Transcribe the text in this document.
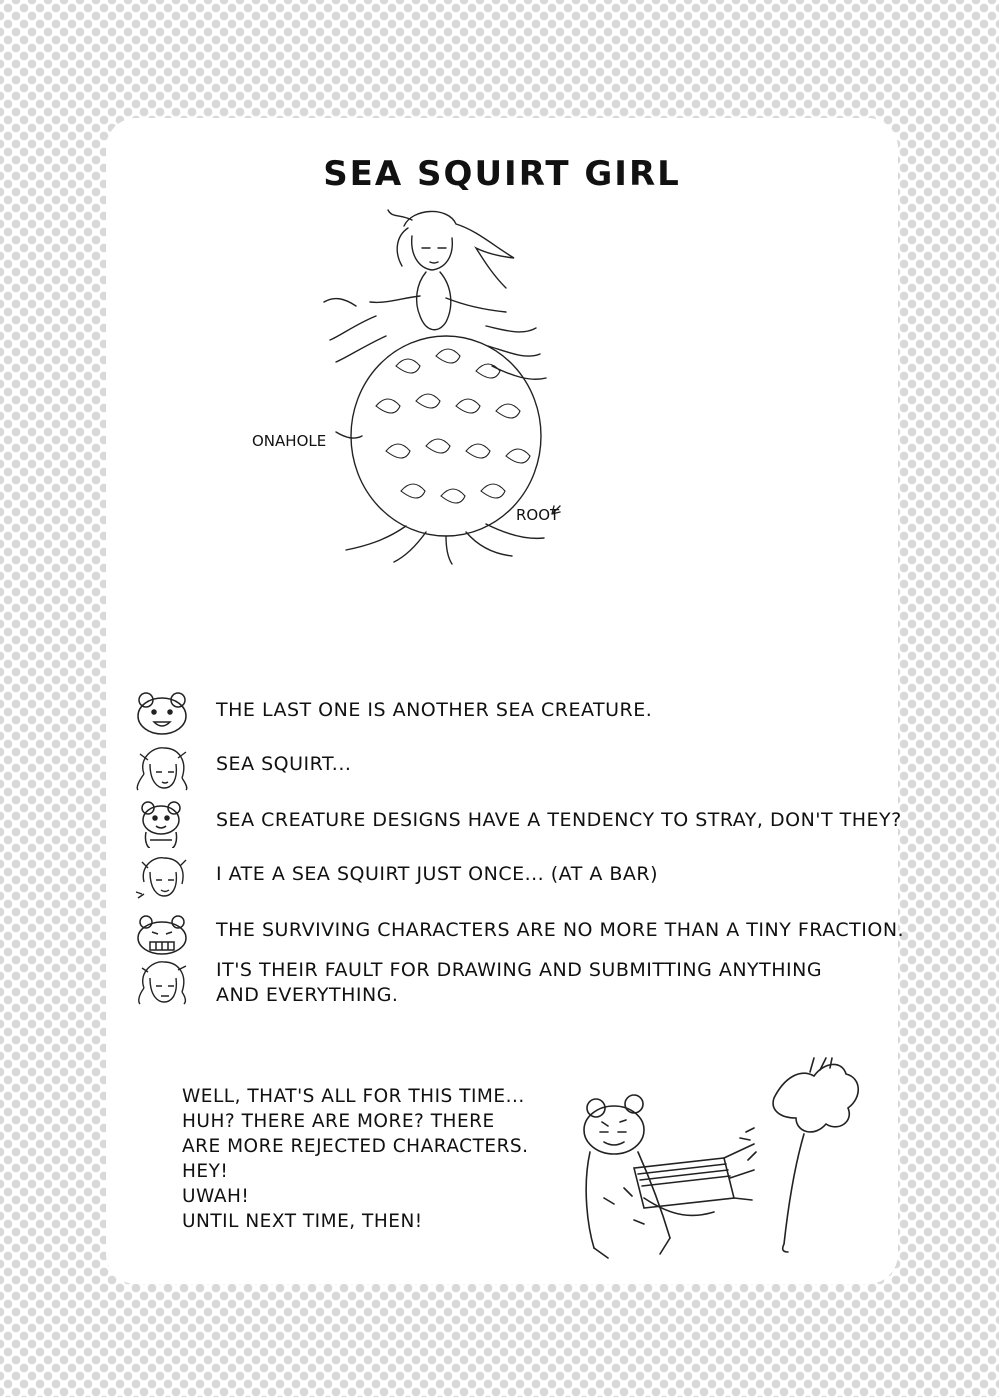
SEA SQUIRT GIRL
ONAHOLE
ROOT
THE LAST ONE IS ANOTHER SEA CREATURE.
SEA SQUIRT...
SEA CREATURE DESIGNS HAVE A TENDENCY TO STRAY, DON'T THEY?
I ATE A SEA SQUIRT JUST ONCE... (AT A BAR)
THE SURVIVING CHARACTERS ARE NO MORE THAN A TINY FRACTION.
IT'S THEIR FAULT FOR DRAWING AND SUBMITTING ANYTHING
AND EVERYTHING.
WELL, THAT'S ALL FOR THIS TIME...
HUH? THERE ARE MORE? THERE
ARE MORE REJECTED CHARACTERS.
HEY!
UWAH!
UNTIL NEXT TIME, THEN!
